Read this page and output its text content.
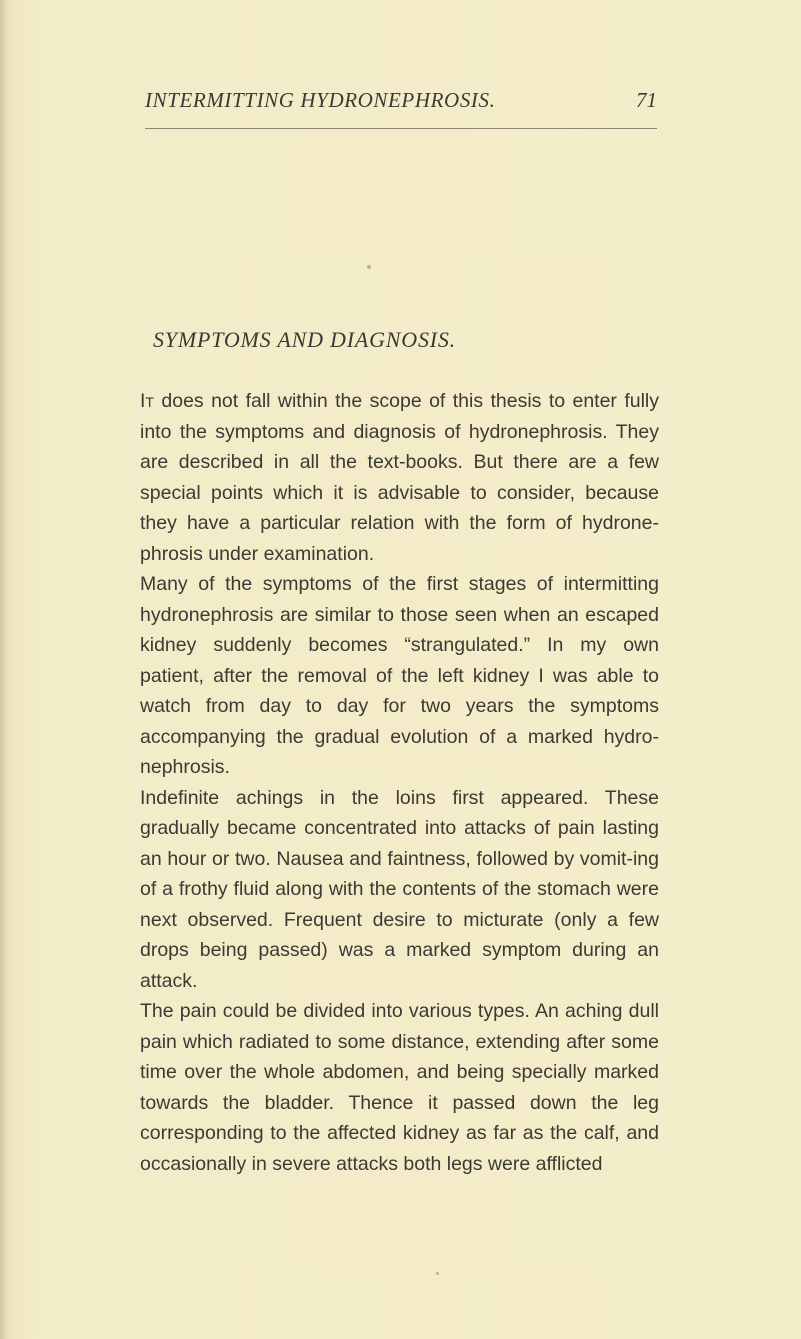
INTERMITTING HYDRONEPHROSIS.	71
SYMPTOMS AND DIAGNOSIS.

It does not fall within the scope of this thesis to enter fully into the symptoms and diagnosis of hydronephrosis. They are described in all the text-books. But there are a few special points which it is advisable to consider, because they have a particular relation with the form of hydrone-phrosis under examination.

Many of the symptoms of the first stages of intermitting hydronephrosis are similar to those seen when an escaped kidney suddenly becomes “strangulated.” In my own patient, after the removal of the left kidney I was able to watch from day to day for two years the symptoms accompanying the gradual evolution of a marked hydro-nephrosis.

Indefinite achings in the loins first appeared. These gradually became concentrated into attacks of pain lasting an hour or two. Nausea and faintness, followed by vomit-ing of a frothy fluid along with the contents of the stomach were next observed. Frequent desire to micturate (only a few drops being passed) was a marked symptom during an attack.

The pain could be divided into various types. An aching dull pain which radiated to some distance, extending after some time over the whole abdomen, and being specially marked towards the bladder. Thence it passed down the leg corresponding to the affected kidney as far as the calf, and occasionally in severe attacks both legs were afflicted
